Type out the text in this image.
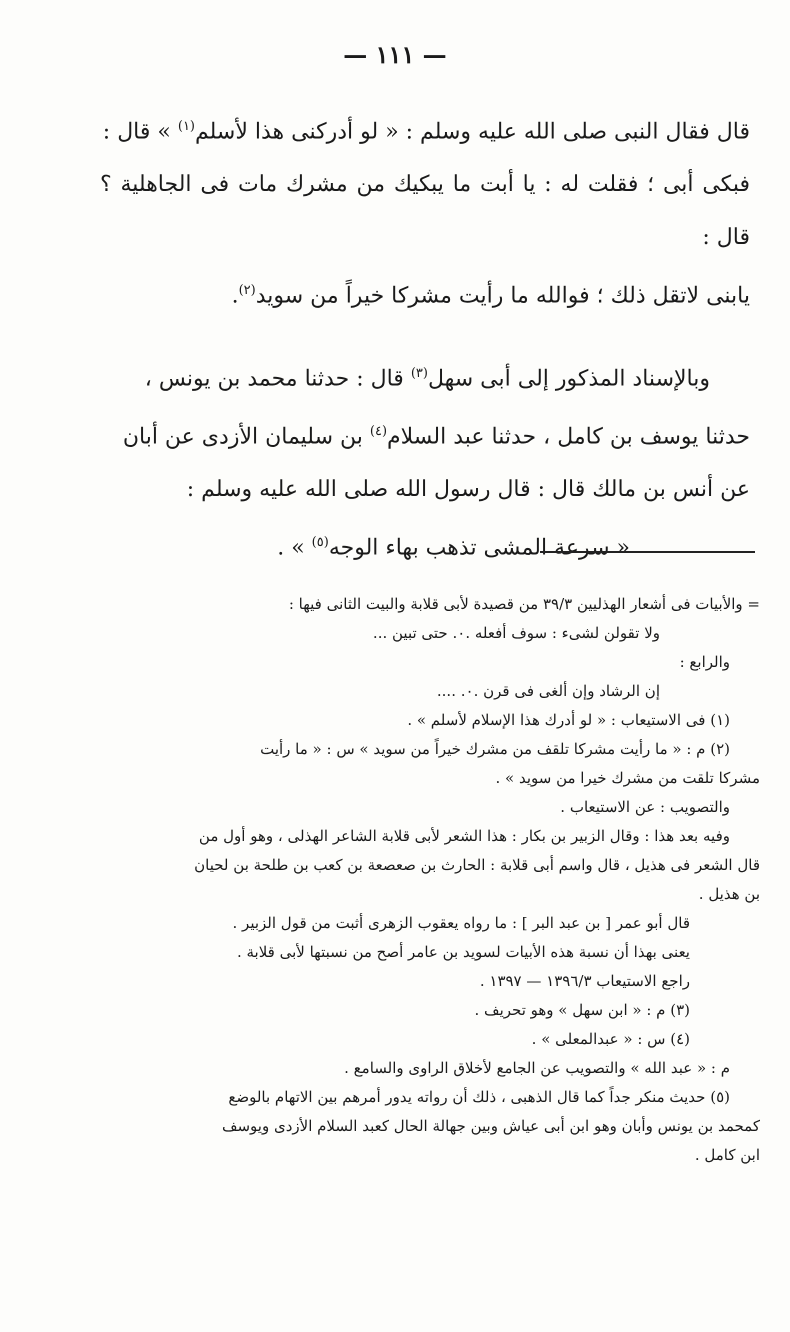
— ١١١ —

قال فقال النبى صلى الله عليه وسلم : « لو أدركنى هذا لأسلم$^{(١)}$ » قال :

فبكى أبى ؛ فقلت له : يا أبت ما يبكيك من مشرك مات فى الجاهلية ؟ قال :

يابنى لاتقل ذلك ؛ فوالله ما رأيت مشركا خيراً من سويد$^{(٢)}$.

وبالإسناد المذكور إلى أبى سهل$^{(٣)}$ قال : حدثنا محمد بن يونس ،

حدثنا يوسف بن كامل ، حدثنا عبد السلام$^{(٤)}$ بن سليمان الأزدى عن أبان

عن أنس بن مالك قال : قال رسول الله صلى الله عليه وسلم :

« سرعة المشى تذهب بهاء الوجه$^{(٥)}$ » .

= والأبيات فى أشعار الهذليين ٣٩/٣ من قصيدة لأبى قلابة والبيت الثانى فيها :

ولا تقولن لشىء : سوف أفعله .٠. حتى تبين ...

والرابع :

إن الرشاد وإن ألغى فى قرن .٠. ....

(١) فى الاستيعاب : « لو أدرك هذا الإسلام لأسلم » .

(٢) م : « ما رأيت مشركا تلقف من مشرك خيراً من سويد » س : « ما رأيت

مشركا تلقت من مشرك خيرا من سويد » .

والتصويب : عن الاستيعاب .

وفيه بعد هذا : وقال الزبير بن بكار : هذا الشعر لأبى قلابة الشاعر الهذلى ، وهو أول من

قال الشعر فى هذيل ، قال واسم أبى قلابة : الحارث بن صعصعة بن كعب بن طلحة بن لحيان

بن هذيل .

قال أبو عمر [ بن عبد البر ] : ما رواه يعقوب الزهرى أثبت من قول الزبير .

يعنى بهذا أن نسبة هذه الأبيات لسويد بن عامر أصح من نسبتها لأبى قلابة .

راجع الاستيعاب ١٣٩٦/٣ — ١٣٩٧ .

(٣) م : « ابن سهل » وهو تحريف .

(٤) س : « عبدالمعلى » .

م : « عبد الله » والتصويب عن الجامع لأخلاق الراوى والسامع .

(٥) حديث منكر جداً كما قال الذهبى ، ذلك أن رواته يدور أمرهم بين الاتهام بالوضع

كمحمد بن يونس وأبان وهو ابن أبى عياش وبين جهالة الحال كعبد السلام الأزدى ويوسف

ابن كامل .
